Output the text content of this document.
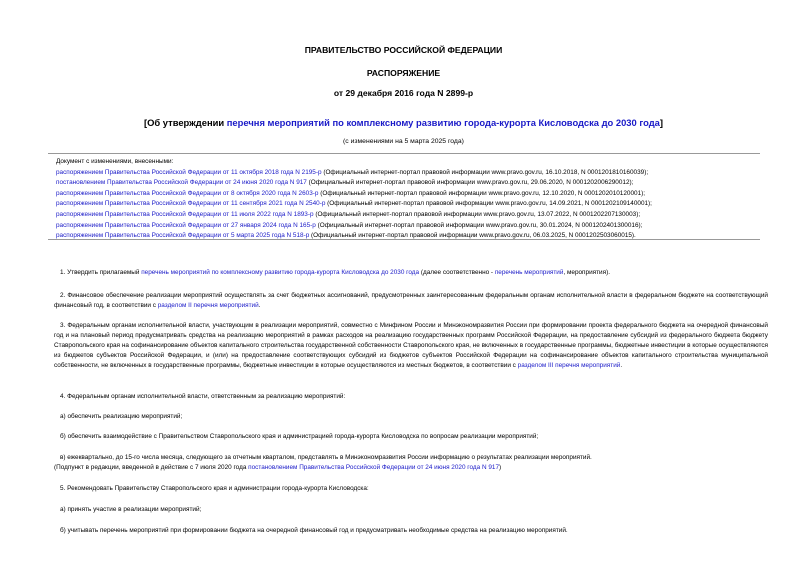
ПРАВИТЕЛЬСТВО РОССИЙСКОЙ ФЕДЕРАЦИИ
РАСПОРЯЖЕНИЕ
от 29 декабря 2016 года N 2899-р
[Об утверждении перечня мероприятий по комплексному развитию города-курорта Кисловодска до 2030 года]
(с изменениями на 5 марта 2025 года)
Документ с изменениями, внесенными:
распоряжением Правительства Российской Федерации от 11 октября 2018 года N 2195-р (Официальный интернет-портал правовой информации www.pravo.gov.ru, 16.10.2018, N 0001201810160039);
постановлением Правительства Российской Федерации от 24 июня 2020 года N 917 (Официальный интернет-портал правовой информации www.pravo.gov.ru, 29.06.2020, N 0001202006290012);
распоряжением Правительства Российской Федерации от 8 октября 2020 года N 2603-р (Официальный интернет-портал правовой информации www.pravo.gov.ru, 12.10.2020, N 0001202010120001);
распоряжением Правительства Российской Федерации от 11 сентября 2021 года N 2540-р (Официальный интернет-портал правовой информации www.pravo.gov.ru, 14.09.2021, N 0001202109140001);
распоряжением Правительства Российской Федерации от 11 июля 2022 года N 1893-р (Официальный интернет-портал правовой информации www.pravo.gov.ru, 13.07.2022, N 0001202207130003);
распоряжением Правительства Российской Федерации от 27 января 2024 года N 165-р (Официальный интернет-портал правовой информации www.pravo.gov.ru, 30.01.2024, N 0001202401300016);
распоряжением Правительства Российской Федерации от 5 марта 2025 года N 518-р (Официальный интернет-портал правовой информации www.pravo.gov.ru, 06.03.2025, N 0001202503060015).
1. Утвердить прилагаемый перечень мероприятий по комплексному развитию города-курорта Кисловодска до 2030 года (далее соответственно - перечень мероприятий, мероприятия).
2. Финансовое обеспечение реализации мероприятий осуществлять за счет бюджетных ассигнований, предусмотренных заинтересованным федеральным органам исполнительной власти в федеральном бюджете на соответствующий финансовый год, в соответствии с разделом II перечня мероприятий.
3. Федеральным органам исполнительной власти, участвующим в реализации мероприятий, совместно с Минфином России и Минэкономразвития России при формировании проекта федерального бюджета на очередной финансовый год и на плановый период предусматривать средства на реализацию мероприятий в рамках расходов на реализацию государственных программ Российской Федерации, на предоставление субсидий из федерального бюджета бюджету Ставропольского края на софинансирование объектов капитального строительства государственной собственности Ставропольского края, не включенных в государственные программы, бюджетные инвестиции в которые осуществляются из бюджетов субъектов Российской Федерации, и (или) на предоставление соответствующих субсидий из бюджетов субъектов Российской Федерации на софинансирование объектов капитального строительства муниципальной собственности, не включенных в государственные программы, бюджетные инвестиции в которые осуществляются из местных бюджетов, в соответствии с разделом III перечня мероприятий.
4. Федеральным органам исполнительной власти, ответственным за реализацию мероприятий:
а) обеспечить реализацию мероприятий;
б) обеспечить взаимодействие с Правительством Ставропольского края и администрацией города-курорта Кисловодска по вопросам реализации мероприятий;
в) ежеквартально, до 15-го числа месяца, следующего за отчетным кварталом, представлять в Минэкономразвития России информацию о результатах реализации мероприятий.
(Подпункт в редакции, введенной в действие с 7 июля 2020 года постановлением Правительства Российской Федерации от 24 июня 2020 года N 917)
5. Рекомендовать Правительству Ставропольского края и администрации города-курорта Кисловодска:
а) принять участие в реализации мероприятий;
б) учитывать перечень мероприятий при формировании бюджета на очередной финансовый год и предусматривать необходимые средства на реализацию мероприятий.
